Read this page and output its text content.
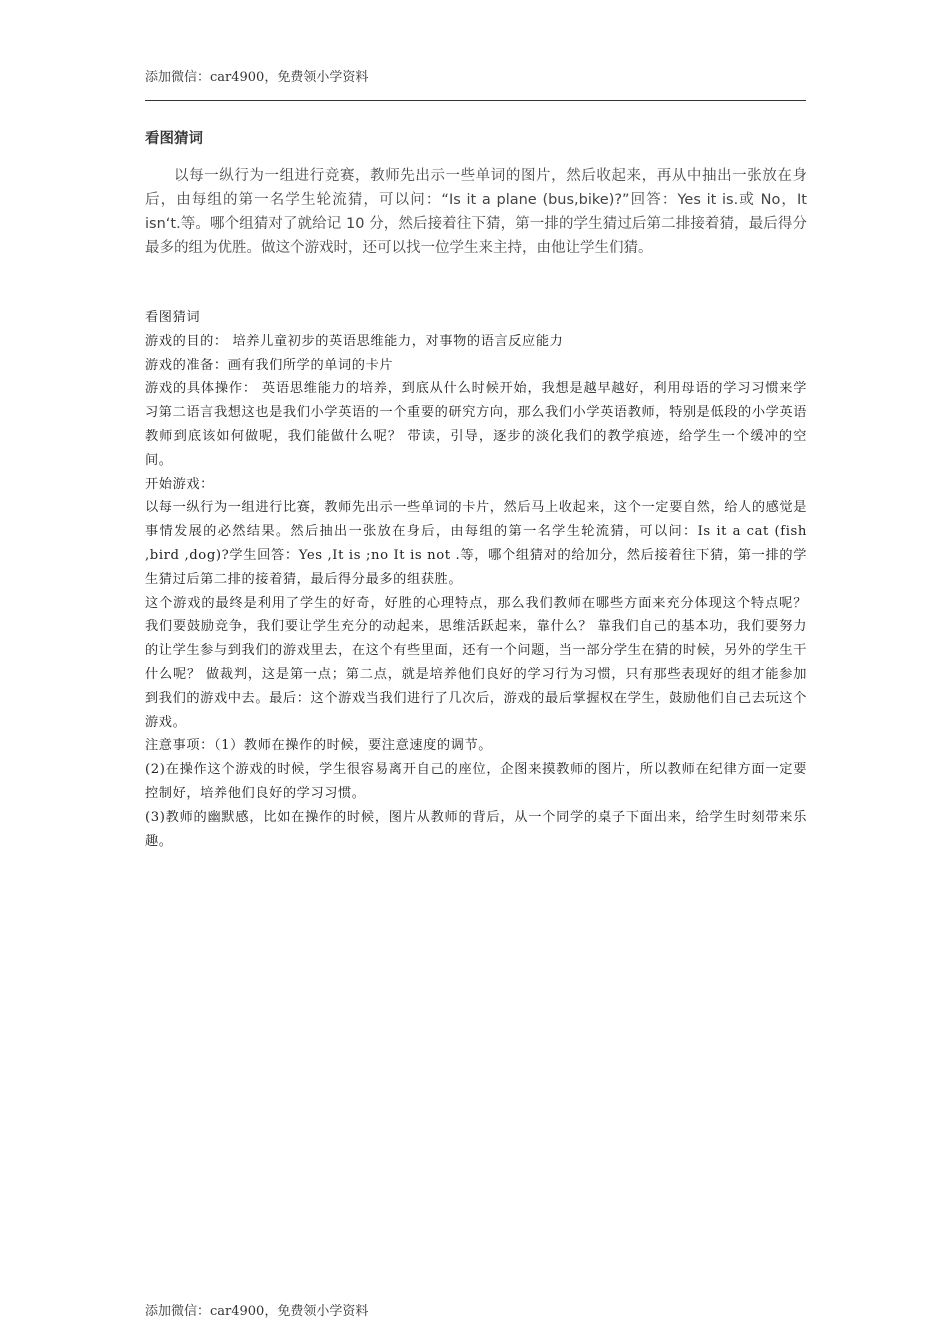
添加微信：car4900，免费领小学资料
看图猜词

以每一纵行为一组进行竞赛，教师先出示一些单词的图片，然后收起来，再从中抽出一张放在身后，由每组的第一名学生轮流猜，可以问：“Is it a plane (bus,bike)?”回答：Yes it is.或 No，It isn‘t.等。哪个组猜对了就给记 10 分，然后接着往下猜，第一排的学生猜过后第二排接着猜，最后得分最多的组为优胜。做这个游戏时，还可以找一位学生来主持，由他让学生们猜。

看图猜词

游戏的目的： 培养儿童初步的英语思维能力，对事物的语言反应能力

游戏的准备：画有我们所学的单词的卡片

游戏的具体操作： 英语思维能力的培养，到底从什么时候开始，我想是越早越好，利用母语的学习习惯来学习第二语言我想这也是我们小学英语的一个重要的研究方向，那么我们小学英语教师，特别是低段的小学英语教师到底该如何做呢，我们能做什么呢？ 带读，引导，逐步的淡化我们的教学痕迹，给学生一个缓冲的空间。

开始游戏：

以每一纵行为一组进行比赛，教师先出示一些单词的卡片，然后马上收起来，这个一定要自然，给人的感觉是事情发展的必然结果。然后抽出一张放在身后，由每组的第一名学生轮流猜，可以问：Is it a cat (fish ,bird ,dog)?学生回答：Yes ,It is ;no It is not .等，哪个组猜对的给加分，然后接着往下猜，第一排的学生猜过后第二排的接着猜，最后得分最多的组获胜。

这个游戏的最终是利用了学生的好奇，好胜的心理特点，那么我们教师在哪些方面来充分体现这个特点呢？ 我们要鼓励竞争，我们要让学生充分的动起来，思维活跃起来，靠什么？ 靠我们自己的基本功，我们要努力的让学生参与到我们的游戏里去，在这个有些里面，还有一个问题，当一部分学生在猜的时候，另外的学生干什么呢？ 做裁判，这是第一点；第二点，就是培养他们良好的学习行为习惯，只有那些表现好的组才能参加到我们的游戏中去。最后：这个游戏当我们进行了几次后，游戏的最后掌握权在学生，鼓励他们自己去玩这个游戏。

注意事项：（1）教师在操作的时候，要注意速度的调节。

(2)在操作这个游戏的时候，学生很容易离开自己的座位，企图来摸教师的图片，所以教师在纪律方面一定要控制好，培养他们良好的学习习惯。

(3)教师的幽默感，比如在操作的时候，图片从教师的背后，从一个同学的桌子下面出来，给学生时刻带来乐趣。

添加微信：car4900，免费领小学资料
